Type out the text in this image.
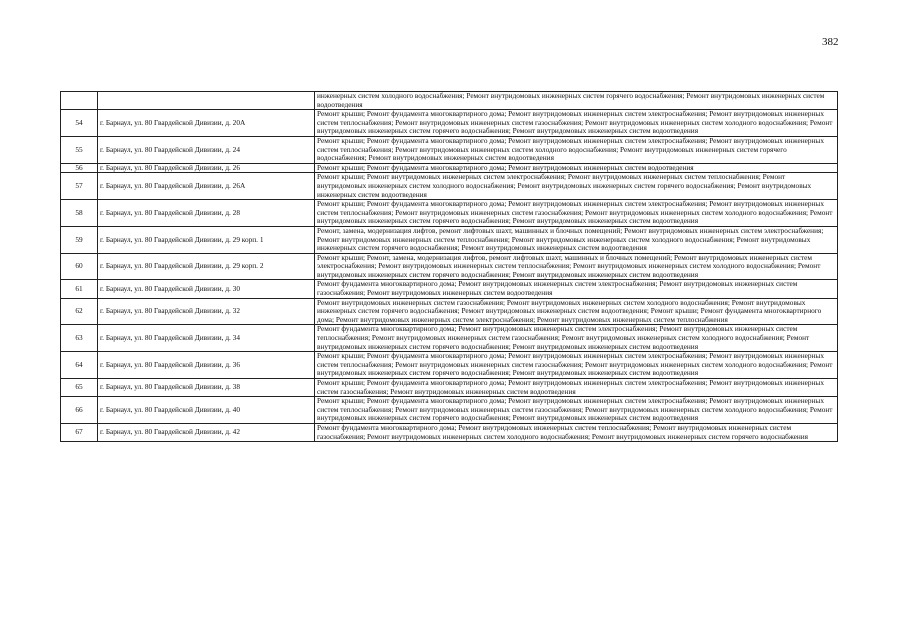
382
		инженерных систем холодного водоснабжения; Ремонт внутридомовых инженерных систем горячего водоснабжения; Ремонт внутридомовых инженерных систем водоотведения
54	г. Барнаул, ул. 80 Гвардейской Дивизии, д. 20А	Ремонт крыши; Ремонт фундамента многоквартирного дома; Ремонт внутридомовых инженерных систем электроснабжения; Ремонт внутридомовых инженерных систем теплоснабжения; Ремонт внутридомовых инженерных систем газоснабжения; Ремонт внутридомовых инженерных систем холодного водоснабжения; Ремонт внутридомовых инженерных систем горячего водоснабжения; Ремонт внутридомовых инженерных систем водоотведения
55	г. Барнаул, ул. 80 Гвардейской Дивизии, д. 24	Ремонт крыши; Ремонт фундамента многоквартирного дома; Ремонт внутридомовых инженерных систем электроснабжения; Ремонт внутридомовых инженерных систем теплоснабжения; Ремонт внутридомовых инженерных систем холодного водоснабжения; Ремонт внутридомовых инженерных систем горячего водоснабжения; Ремонт внутридомовых инженерных систем водоотведения
56	г. Барнаул, ул. 80 Гвардейской Дивизии, д. 26	Ремонт крыши; Ремонт фундамента многоквартирного дома; Ремонт внутридомовых инженерных систем водоотведения
57	г. Барнаул, ул. 80 Гвардейской Дивизии, д. 26А	Ремонт крыши; Ремонт внутридомовых инженерных систем электроснабжения; Ремонт внутридомовых инженерных систем теплоснабжения; Ремонт внутридомовых инженерных систем холодного водоснабжения; Ремонт внутридомовых инженерных систем горячего водоснабжения; Ремонт внутридомовых инженерных систем водоотведения
58	г. Барнаул, ул. 80 Гвардейской Дивизии, д. 28	Ремонт крыши; Ремонт фундамента многоквартирного дома; Ремонт внутридомовых инженерных систем электроснабжения; Ремонт внутридомовых инженерных систем теплоснабжения; Ремонт внутридомовых инженерных систем газоснабжения; Ремонт внутридомовых инженерных систем холодного водоснабжения; Ремонт внутридомовых инженерных систем горячего водоснабжения; Ремонт внутридомовых инженерных систем водоотведения
59	г. Барнаул, ул. 80 Гвардейской Дивизии, д. 29 корп. 1	Ремонт, замена, модернизация лифтов, ремонт лифтовых шахт, машинных и блочных помещений; Ремонт внутридомовых инженерных систем электроснабжения; Ремонт внутридомовых инженерных систем теплоснабжения; Ремонт внутридомовых инженерных систем холодного водоснабжения; Ремонт внутридомовых инженерных систем горячего водоснабжения; Ремонт внутридомовых инженерных систем водоотведения
60	г. Барнаул, ул. 80 Гвардейской Дивизии, д. 29 корп. 2	Ремонт крыши; Ремонт, замена, модернизация лифтов, ремонт лифтовых шахт, машинных и блочных помещений; Ремонт внутридомовых инженерных систем электроснабжения; Ремонт внутридомовых инженерных систем теплоснабжения; Ремонт внутридомовых инженерных систем холодного водоснабжения; Ремонт внутридомовых инженерных систем горячего водоснабжения; Ремонт внутридомовых инженерных систем водоотведения
61	г. Барнаул, ул. 80 Гвардейской Дивизии, д. 30	Ремонт фундамента многоквартирного дома; Ремонт внутридомовых инженерных систем электроснабжения; Ремонт внутридомовых инженерных систем газоснабжения; Ремонт внутридомовых инженерных систем водоотведения
62	г. Барнаул, ул. 80 Гвардейской Дивизии, д. 32	Ремонт внутридомовых инженерных систем газоснабжения; Ремонт внутридомовых инженерных систем холодного водоснабжения; Ремонт внутридомовых инженерных систем горячего водоснабжения; Ремонт внутридомовых инженерных систем водоотведения; Ремонт крыши; Ремонт фундамента многоквартирного дома; Ремонт внутридомовых инженерных систем электроснабжения; Ремонт внутридомовых инженерных систем теплоснабжения
63	г. Барнаул, ул. 80 Гвардейской Дивизии, д. 34	Ремонт фундамента многоквартирного дома; Ремонт внутридомовых инженерных систем электроснабжения; Ремонт внутридомовых инженерных систем теплоснабжения; Ремонт внутридомовых инженерных систем газоснабжения; Ремонт внутридомовых инженерных систем холодного водоснабжения; Ремонт внутридомовых инженерных систем горячего водоснабжения; Ремонт внутридомовых инженерных систем водоотведения
64	г. Барнаул, ул. 80 Гвардейской Дивизии, д. 36	Ремонт крыши; Ремонт фундамента многоквартирного дома; Ремонт внутридомовых инженерных систем электроснабжения; Ремонт внутридомовых инженерных систем теплоснабжения; Ремонт внутридомовых инженерных систем газоснабжения; Ремонт внутридомовых инженерных систем холодного водоснабжения; Ремонт внутридомовых инженерных систем горячего водоснабжения; Ремонт внутридомовых инженерных систем водоотведения
65	г. Барнаул, ул. 80 Гвардейской Дивизии, д. 38	Ремонт крыши; Ремонт фундамента многоквартирного дома; Ремонт внутридомовых инженерных систем электроснабжения; Ремонт внутридомовых инженерных систем газоснабжения; Ремонт внутридомовых инженерных систем водоотведения
66	г. Барнаул, ул. 80 Гвардейской Дивизии, д. 40	Ремонт крыши; Ремонт фундамента многоквартирного дома; Ремонт внутридомовых инженерных систем электроснабжения; Ремонт внутридомовых инженерных систем теплоснабжения; Ремонт внутридомовых инженерных систем газоснабжения; Ремонт внутридомовых инженерных систем холодного водоснабжения; Ремонт внутридомовых инженерных систем горячего водоснабжения; Ремонт внутридомовых инженерных систем водоотведения
67	г. Барнаул, ул. 80 Гвардейской Дивизии, д. 42	Ремонт фундамента многоквартирного дома; Ремонт внутридомовых инженерных систем теплоснабжения; Ремонт внутридомовых инженерных систем газоснабжения; Ремонт внутридомовых инженерных систем холодного водоснабжения; Ремонт внутридомовых инженерных систем горячего водоснабжения
